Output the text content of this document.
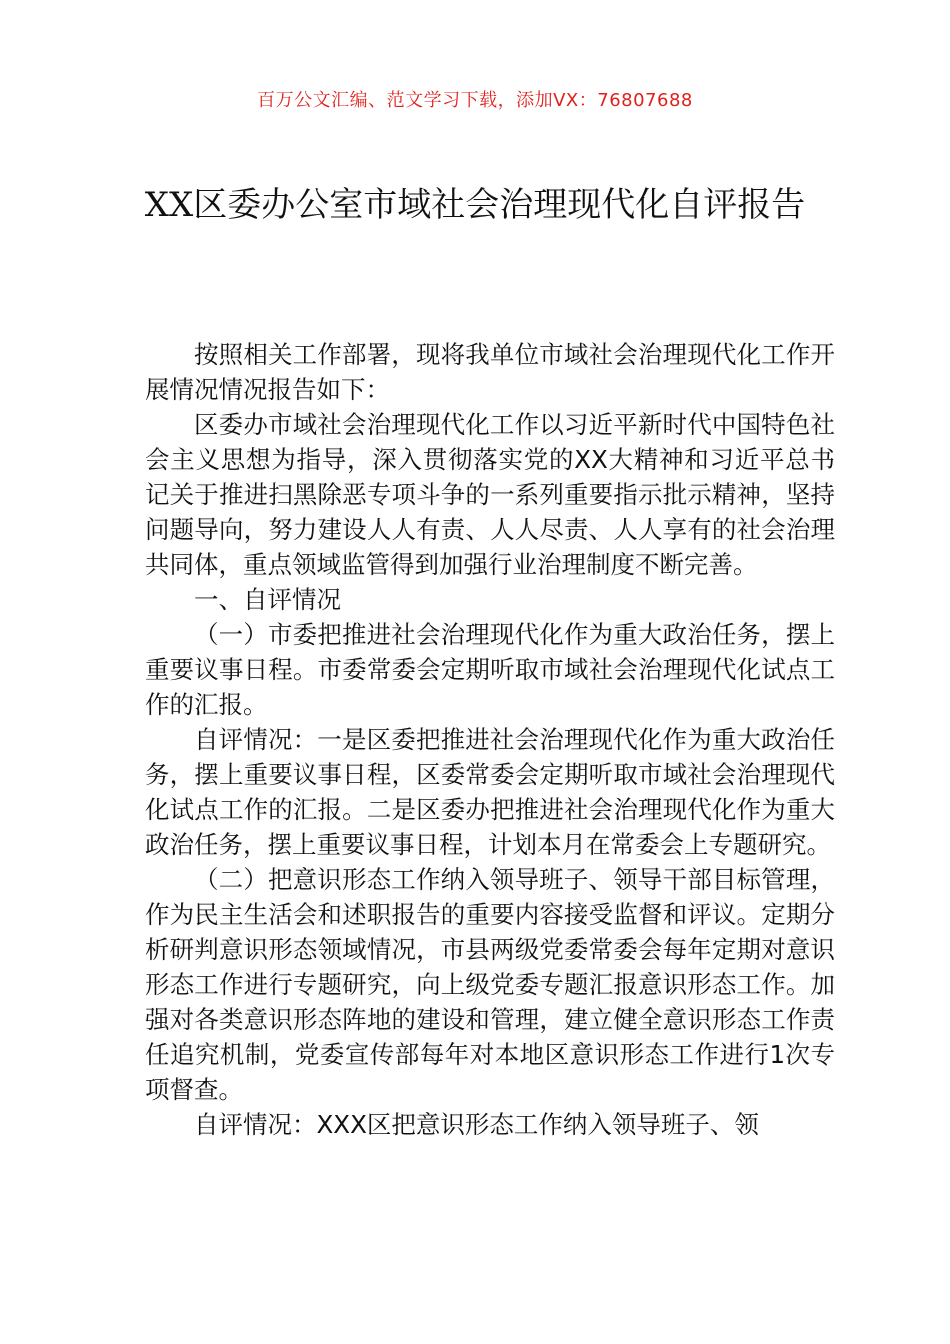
百万公文汇编、范文学习下载，添加VX：76807688
XX区委办公室市域社会治理现代化自评报告

按照相关工作部署，现将我单位市域社会治理现代化工作开展情况情况报告如下：

区委办市域社会治理现代化工作以习近平新时代中国特色社会主义思想为指导，深入贯彻落实党的XX大精神和习近平总书记关于推进扫黑除恶专项斗争的一系列重要指示批示精神，坚持问题导向，努力建设人人有责、人人尽责、人人享有的社会治理共同体，重点领域监管得到加强行业治理制度不断完善。

一、自评情况

（一）市委把推进社会治理现代化作为重大政治任务，摆上重要议事日程。市委常委会定期听取市域社会治理现代化试点工作的汇报。

自评情况：一是区委把推进社会治理现代化作为重大政治任务，摆上重要议事日程，区委常委会定期听取市域社会治理现代化试点工作的汇报。二是区委办把推进社会治理现代化作为重大政治任务，摆上重要议事日程，计划本月在常委会上专题研究。

（二）把意识形态工作纳入领导班子、领导干部目标管理，作为民主生活会和述职报告的重要内容接受监督和评议。定期分析研判意识形态领域情况，市县两级党委常委会每年定期对意识形态工作进行专题研究，向上级党委专题汇报意识形态工作。加强对各类意识形态阵地的建设和管理，建立健全意识形态工作责任追究机制，党委宣传部每年对本地区意识形态工作进行1次专项督查。

自评情况：XXX区把意识形态工作纳入领导班子、领
